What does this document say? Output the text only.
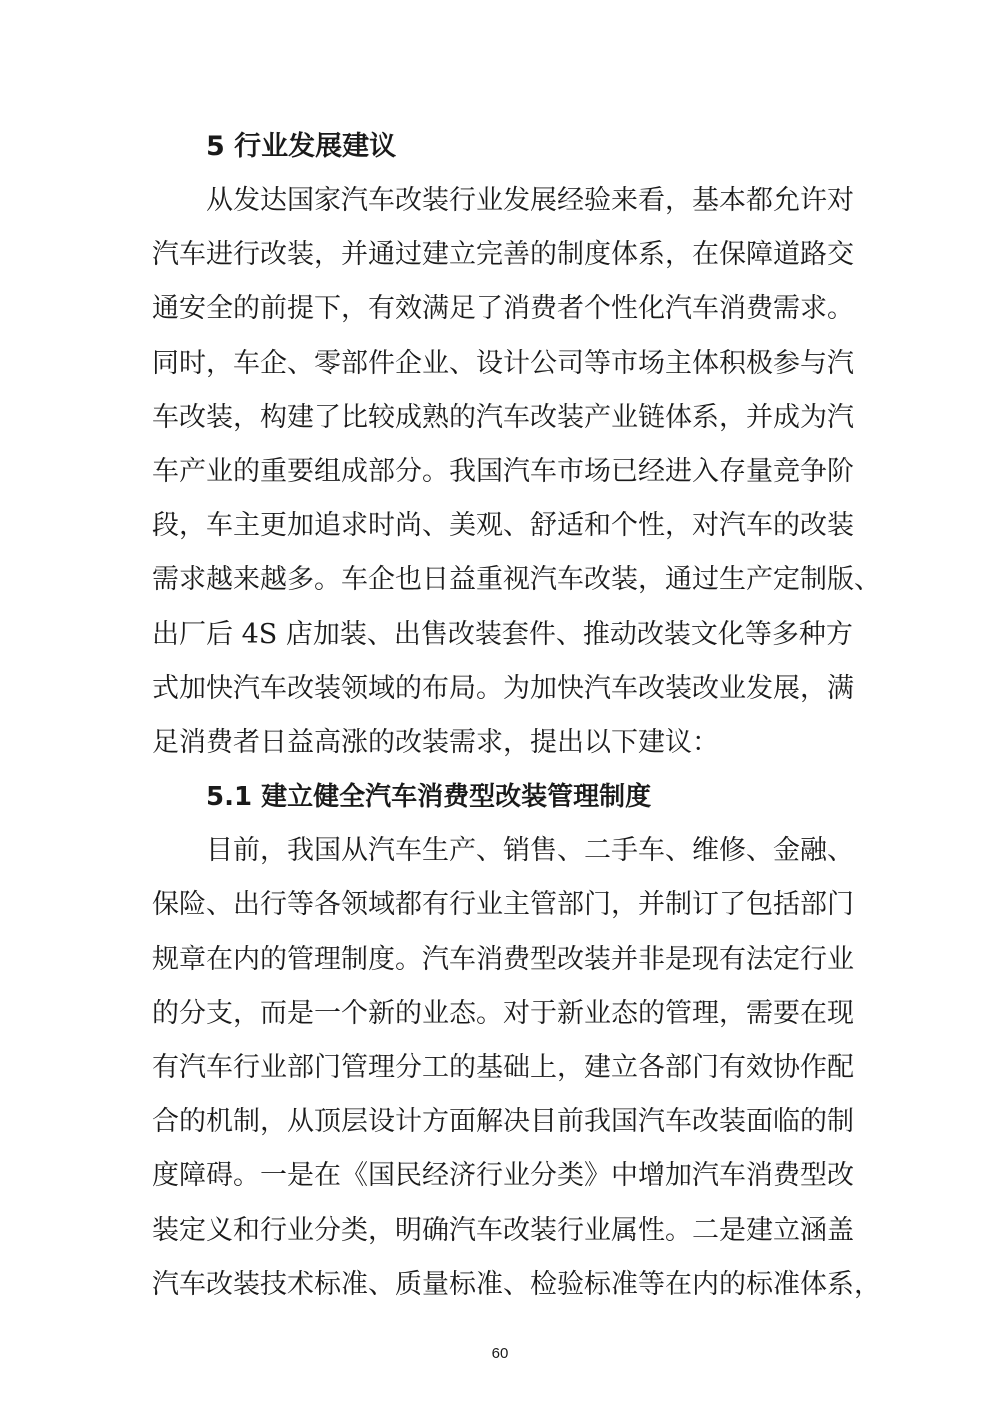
5 行业发展建议

从发达国家汽车改装行业发展经验来看，基本都允许对
汽车进行改装，并通过建立完善的制度体系，在保障道路交
通安全的前提下，有效满足了消费者个性化汽车消费需求。
同时，车企、零部件企业、设计公司等市场主体积极参与汽
车改装，构建了比较成熟的汽车改装产业链体系，并成为汽
车产业的重要组成部分。我国汽车市场已经进入存量竞争阶
段，车主更加追求时尚、美观、舒适和个性，对汽车的改装
需求越来越多。车企也日益重视汽车改装，通过生产定制版、
出厂后 4S 店加装、出售改装套件、推动改装文化等多种方
式加快汽车改装领域的布局。为加快汽车改装改业发展，满
足消费者日益高涨的改装需求，提出以下建议：

5.1 建立健全汽车消费型改装管理制度

目前，我国从汽车生产、销售、二手车、维修、金融、
保险、出行等各领域都有行业主管部门，并制订了包括部门
规章在内的管理制度。汽车消费型改装并非是现有法定行业
的分支，而是一个新的业态。对于新业态的管理，需要在现
有汽车行业部门管理分工的基础上，建立各部门有效协作配
合的机制，从顶层设计方面解决目前我国汽车改装面临的制
度障碍。一是在《国民经济行业分类》中增加汽车消费型改
装定义和行业分类，明确汽车改装行业属性。二是建立涵盖
汽车改装技术标准、质量标准、检验标准等在内的标准体系，

60
